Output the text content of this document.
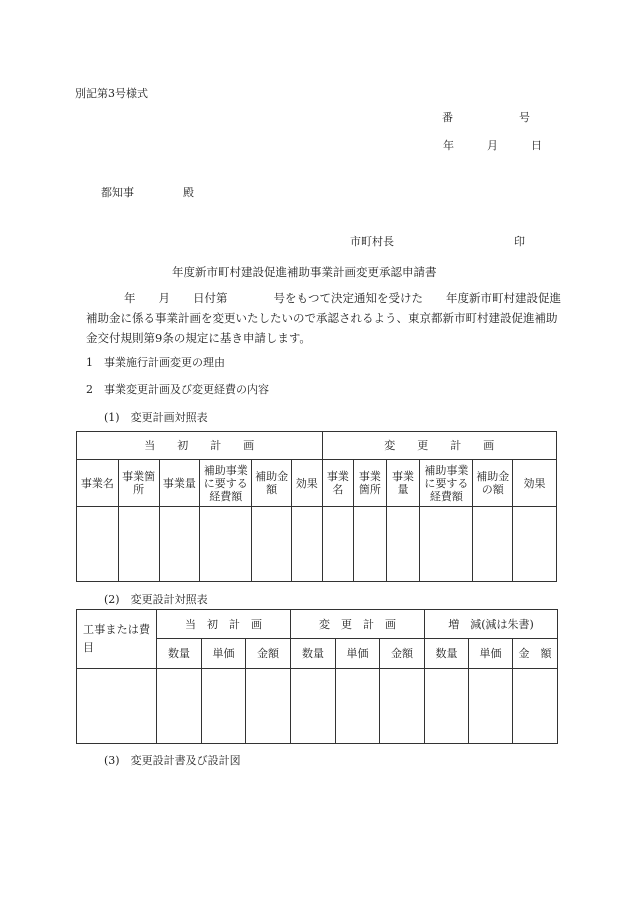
別記第3号様式
番　　　　　　号
年　　　月　　　日
都知事	殿
市町村長	印
年度新市町村建設促進補助事業計画変更承認申請書
年　　月　　日付第　　　　号をもつて決定通知を受けた　　年度新市町村建設促進補助金に係る事業計画を変更いたしたいので承認されるよう、東京都新市町村建設促進補助金交付規則第9条の規定に基き申請します。
1　事業施行計画変更の理由
2　事業変更計画及び変更経費の内容
(1)　変更計画対照表
当　　初　　計　　画						変　　更　　計　　画					
事業名	事業箇所	事業量	補助事業に要する経費額	補助金額	効果	事業名	事業箇所	事業量	補助事業に要する経費額	補助金の額	効果

(2)　変更設計対照表
工事または費目	当　初　計　画			変　更　計　画			増　減(減は朱書)		
	数量	単価	金額	数量	単価	金額	数量	単価	金　額

(3)　変更設計書及び設計図
